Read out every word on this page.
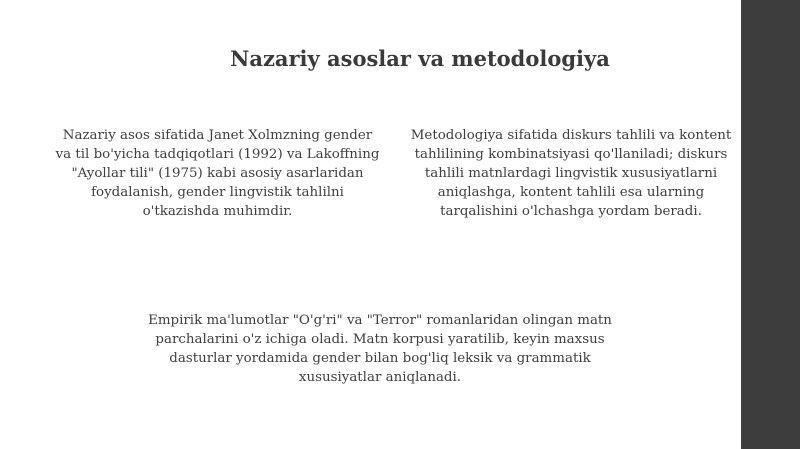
Nazariy asoslar va metodologiya

Nazariy asos sifatida Janet Xolmzning gender va til bo'yicha tadqiqotlari (1992) va Lakoffning "Ayollar tili" (1975) kabi asosiy asarlaridan foydalanish, gender lingvistik tahlilni o'tkazishda muhimdir.

Metodologiya sifatida diskurs tahlili va kontent tahlilining kombinatsiyasi qo'llaniladi; diskurs tahlili matnlardagi lingvistik xususiyatlarni aniqlashga, kontent tahlili esa ularning tarqalishini o'lchashga yordam beradi.

Empirik ma'lumotlar "O'g'ri" va "Terror" romanlaridan olingan matn parchalarini o'z ichiga oladi. Matn korpusi yaratilib, keyin maxsus dasturlar yordamida gender bilan bog'liq leksik va grammatik xususiyatlar aniqlanadi.
